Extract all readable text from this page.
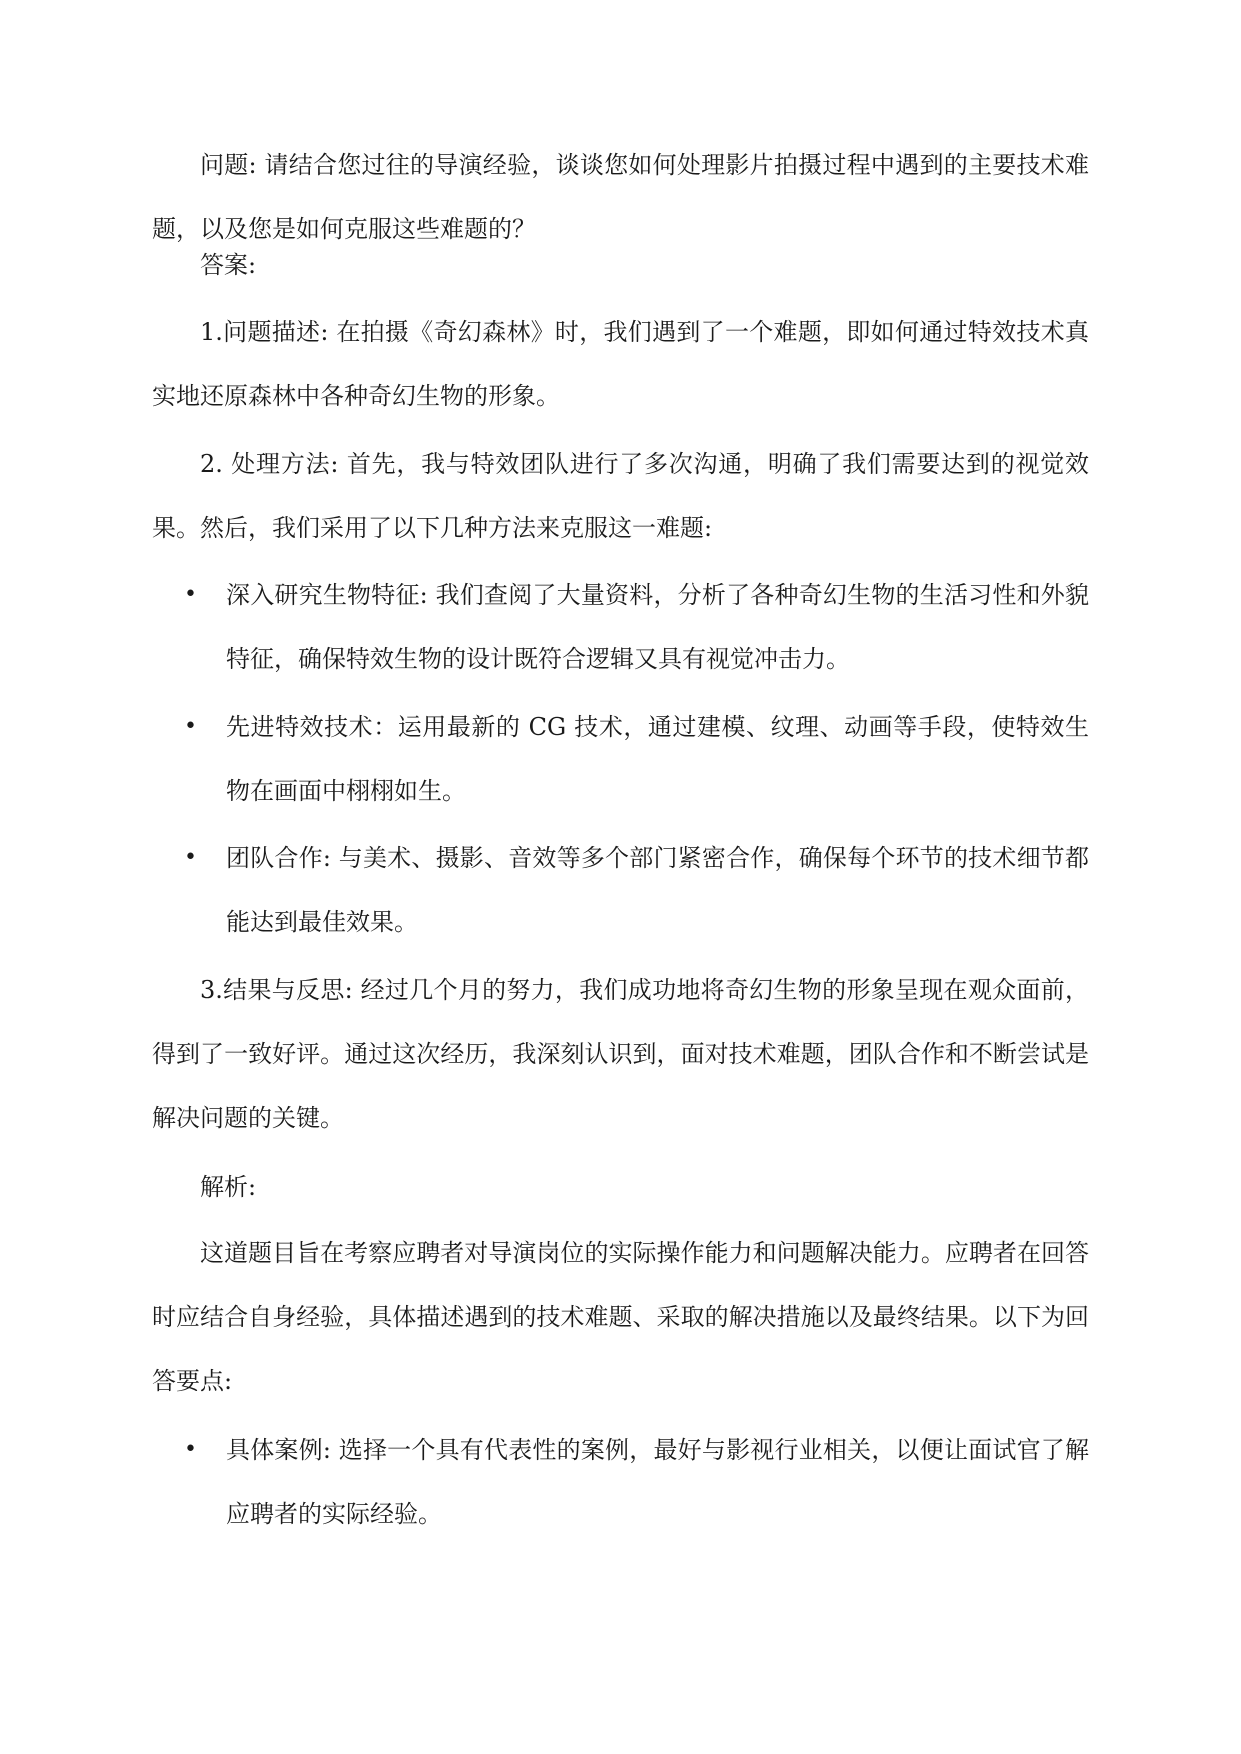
问题: 请结合您过往的导演经验，谈谈您如何处理影片拍摄过程中遇到的主要技术难题，以及您是如何克服这些难题的？

答案:

1.问题描述: 在拍摄《奇幻森林》时，我们遇到了一个难题，即如何通过特效技术真实地还原森林中各种奇幻生物的形象。

2. 处理方法: 首先，我与特效团队进行了多次沟通，明确了我们需要达到的视觉效果。然后，我们采用了以下几种方法来克服这一难题:

• 深入研究生物特征: 我们查阅了大量资料，分析了各种奇幻生物的生活习性和外貌特征，确保特效生物的设计既符合逻辑又具有视觉冲击力。
• 先进特效技术：运用最新的 CG 技术，通过建模、纹理、动画等手段，使特效生物在画面中栩栩如生。
• 团队合作: 与美术、摄影、音效等多个部门紧密合作，确保每个环节的技术细节都能达到最佳效果。

3.结果与反思: 经过几个月的努力，我们成功地将奇幻生物的形象呈现在观众面前，得到了一致好评。通过这次经历，我深刻认识到，面对技术难题，团队合作和不断尝试是解决问题的关键。

解析:

这道题目旨在考察应聘者对导演岗位的实际操作能力和问题解决能力。应聘者在回答时应结合自身经验，具体描述遇到的技术难题、采取的解决措施以及最终结果。以下为回答要点:

• 具体案例: 选择一个具有代表性的案例，最好与影视行业相关，以便让面试官了解应聘者的实际经验。
